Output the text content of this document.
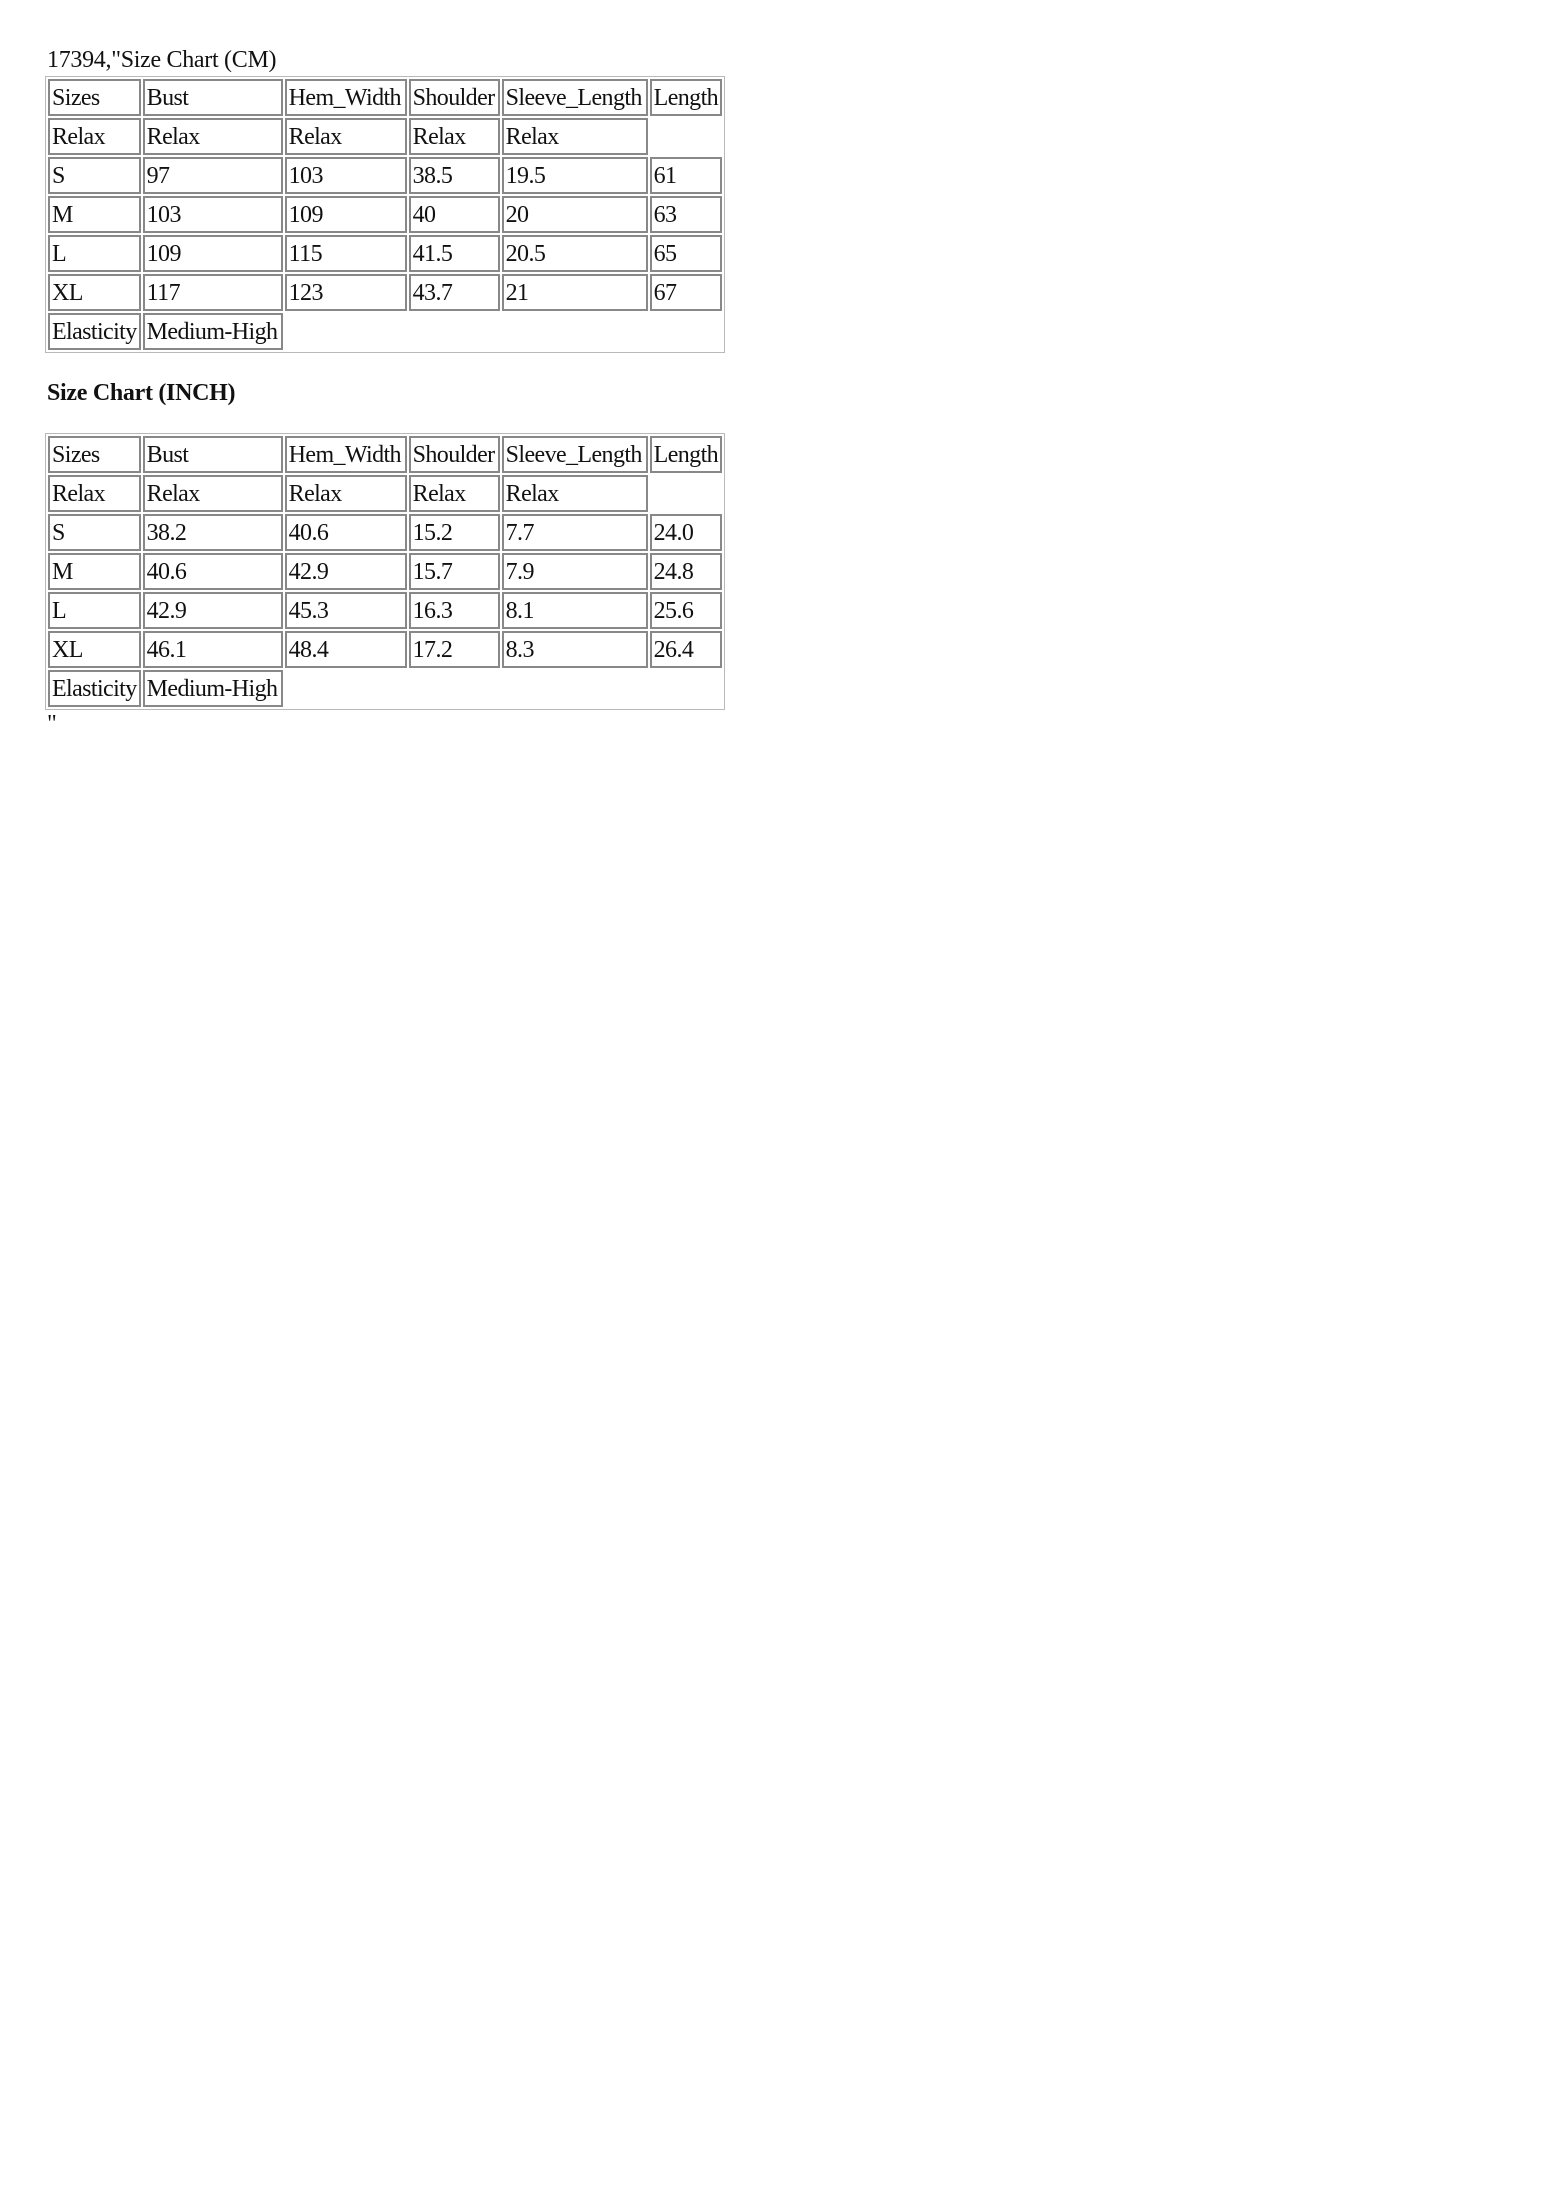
17394,"Size Chart (CM)
Sizes	Bust	Hem_Width	Shoulder	Sleeve_Length	Length
Relax	Relax	Relax	Relax	Relax	
S	97	103	38.5	19.5	61
M	103	109	40	20	63
L	109	115	41.5	20.5	65
XL	117	123	43.7	21	67
Elasticity	Medium-High				
Size Chart (INCH)
Sizes	Bust	Hem_Width	Shoulder	Sleeve_Length	Length
Relax	Relax	Relax	Relax	Relax	
S	38.2	40.6	15.2	7.7	24.0
M	40.6	42.9	15.7	7.9	24.8
L	42.9	45.3	16.3	8.1	25.6
XL	46.1	48.4	17.2	8.3	26.4
Elasticity	Medium-High				
"
